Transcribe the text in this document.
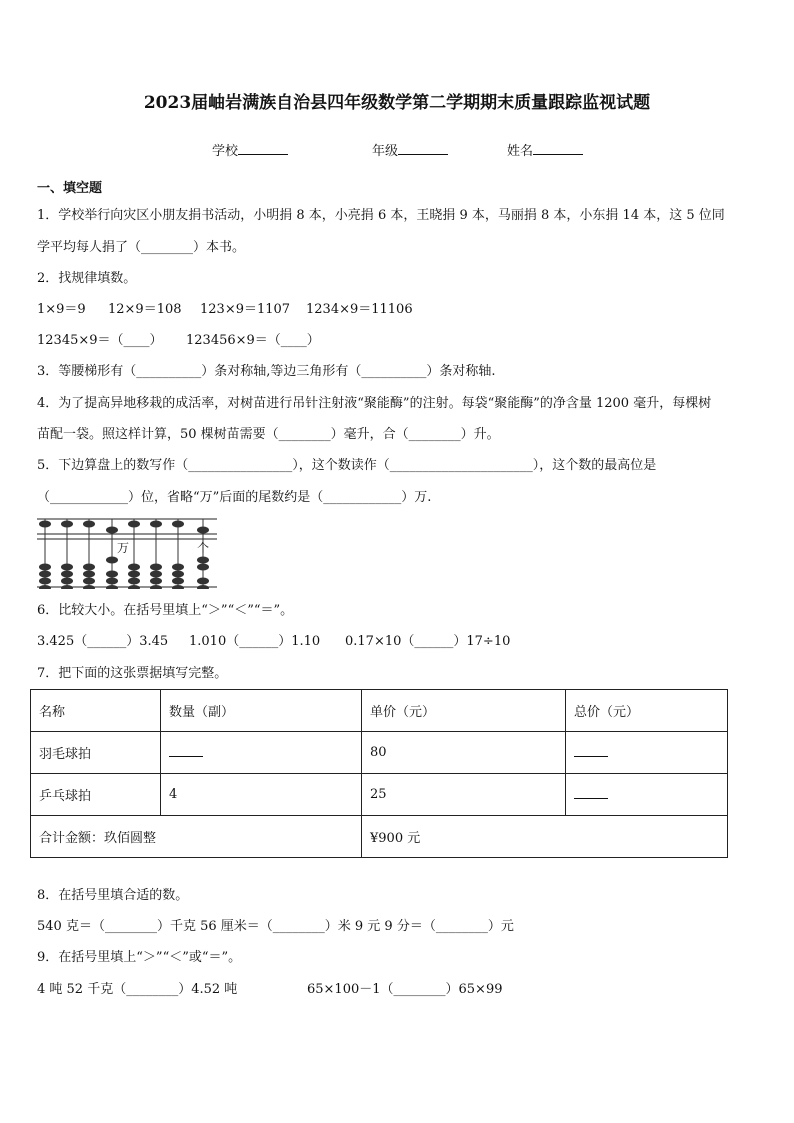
2023届岫岩满族自治县四年级数学第二学期期末质量跟踪监视试题
学校	年级	姓名
一、填空题
1．学校举行向灾区小朋友捐书活动，小明捐 8 本，小亮捐 6 本，王晓捐 9 本，马丽捐 8 本，小东捐 14 本，这 5 位同
学平均每人捐了（________）本书。
2．找规律填数。
1×9＝9 12×9＝108 123×9＝1107 1234×9＝11106
12345×9＝（____） 123456×9＝（____）
3．等腰梯形有（__________）条对称轴,等边三角形有（__________）条对称轴.
4．为了提高异地移栽的成活率，对树苗进行吊针注射液“聚能酶”的注射。每袋“聚能酶”的净含量 1200 毫升，每棵树
苗配一袋。照这样计算，50 棵树苗需要（________）毫升，合（________）升。
5．下边算盘上的数写作（________________），这个数读作（______________________），这个数的最高位是
（____________）位，省略“万”后面的尾数约是（____________）万.
万	个
6．比较大小。在括号里填上“＞”“＜”“＝”。
3.425（______）3.45 1.010（______）1.10 0.17×10（______）17÷10
7．把下面的这张票据填写完整。
名称	数量（副）	单价（元）	总价（元）
羽毛球拍		80	
乒乓球拍	4	25	
合计金额：玖佰圆整		¥900 元	
8．在括号里填合适的数。
540 克＝（________）千克 56 厘米＝（________）米 9 元 9 分＝（________）元
9．在括号里填上“＞”“＜”或“＝”。
4 吨 52 千克（________）4.52 吨	65×100－1（________）65×99
